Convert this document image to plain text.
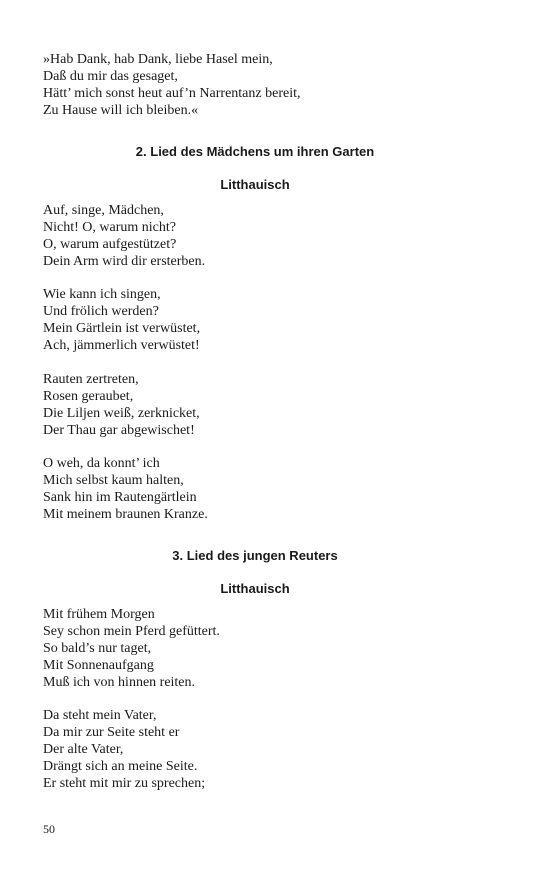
»Hab Dank, hab Dank, liebe Hasel mein,
Daß du mir das gesaget,
Hätt’ mich sonst heut auf’n Narrentanz bereit,
Zu Hause will ich bleiben.«
2. Lied des Mädchens um ihren Garten
Litthauisch
Auf, singe, Mädchen,
Nicht! O, warum nicht?
O, warum aufgestützet?
Dein Arm wird dir ersterben.
Wie kann ich singen,
Und frölich werden?
Mein Gärtlein ist verwüstet,
Ach, jämmerlich verwüstet!
Rauten zertreten,
Rosen geraubet,
Die Liljen weiß, zerknicket,
Der Thau gar abgewischet!
O weh, da konnt’ ich
Mich selbst kaum halten,
Sank hin im Rautengärtlein
Mit meinem braunen Kranze.
3. Lied des jungen Reuters
Litthauisch
Mit frühem Morgen
Sey schon mein Pferd gefüttert.
So bald’s nur taget,
Mit Sonnenaufgang
Muß ich von hinnen reiten.
Da steht mein Vater,
Da mir zur Seite steht er
Der alte Vater,
Drängt sich an meine Seite.
Er steht mit mir zu sprechen;
50
